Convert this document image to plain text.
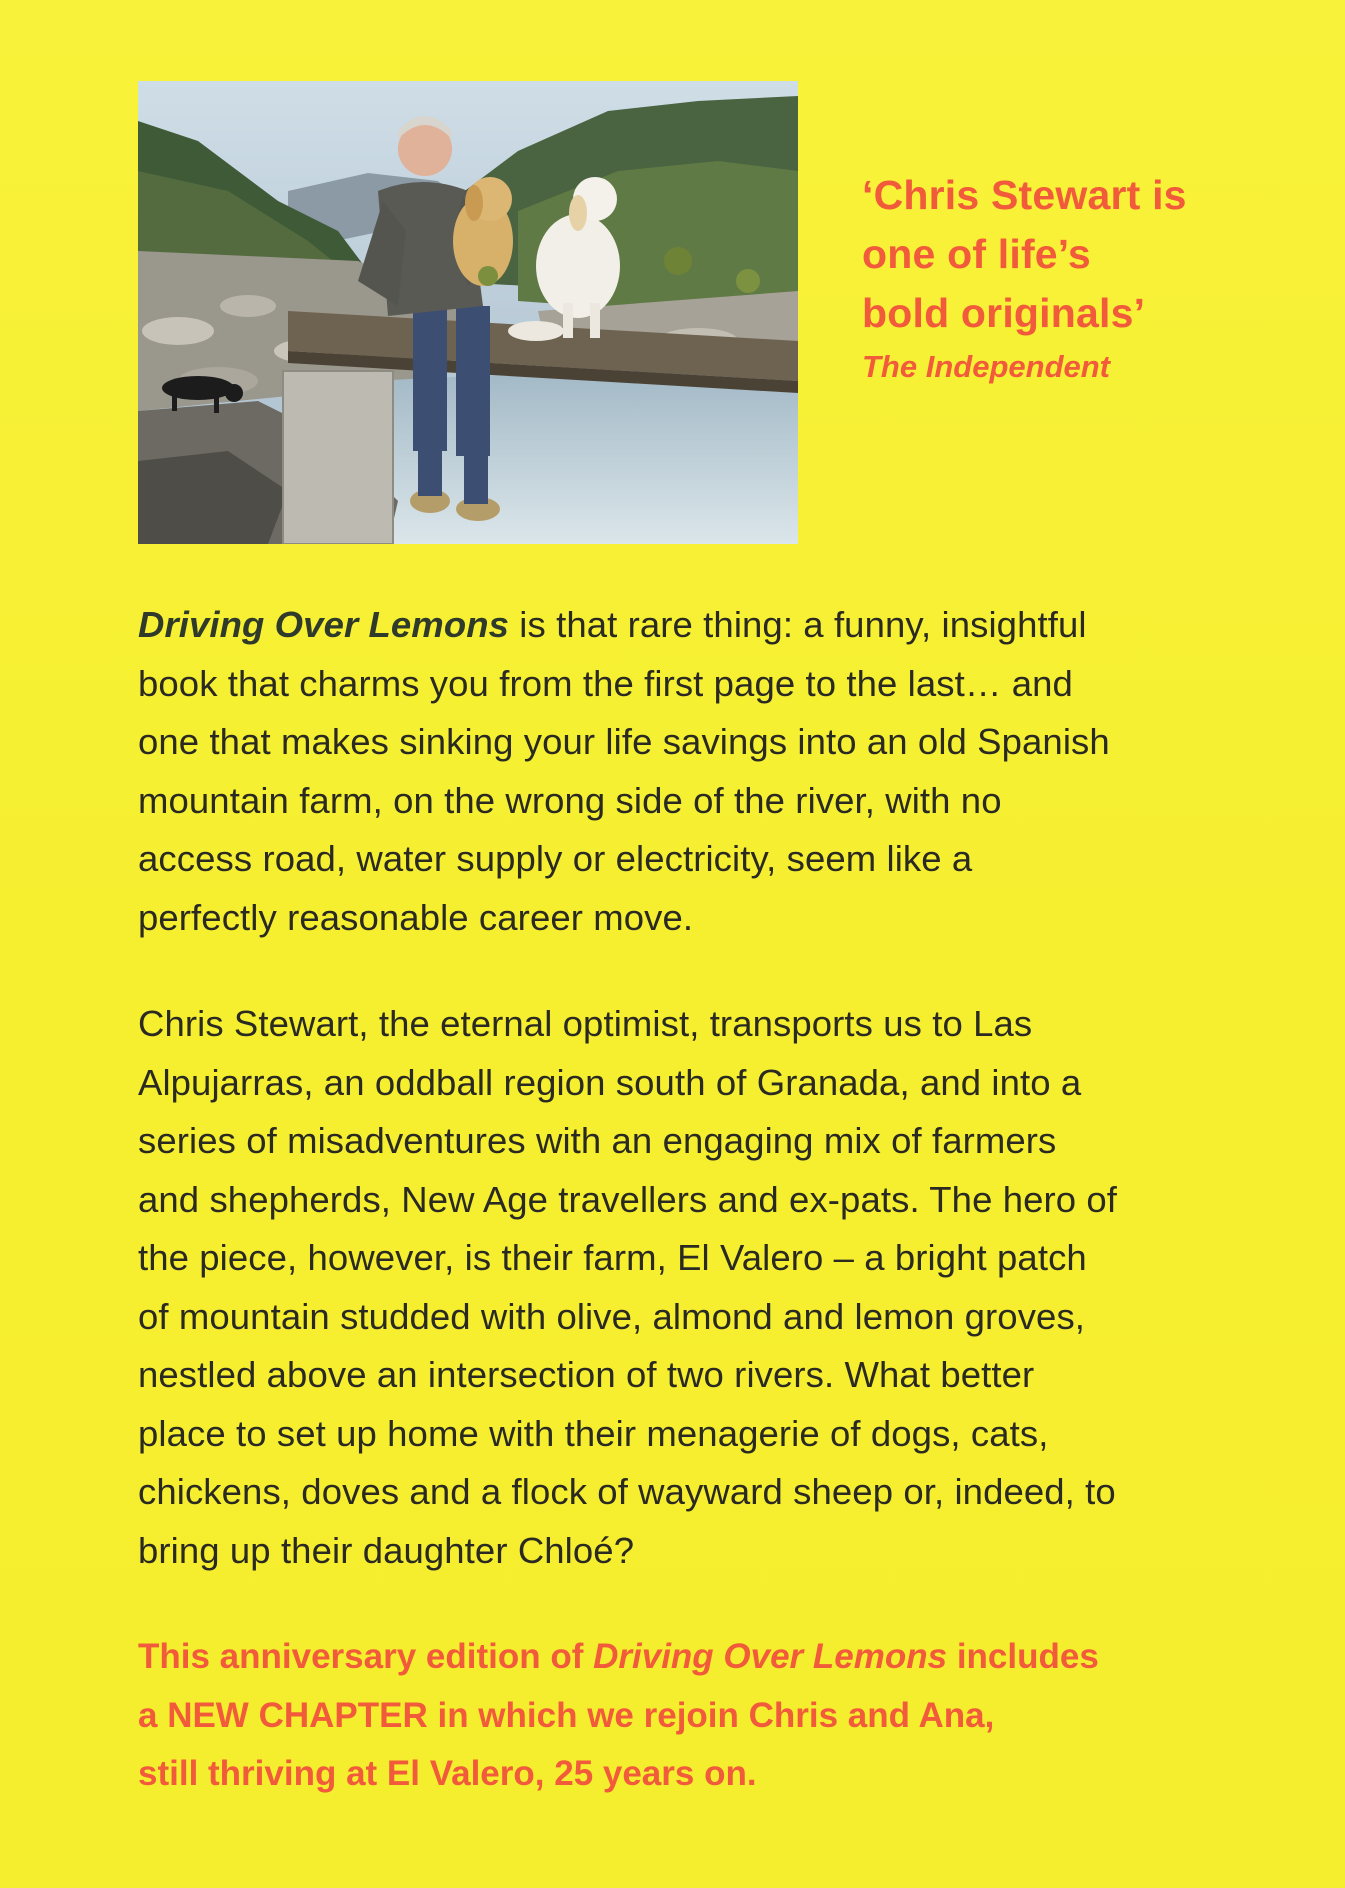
‘Chris Stewart is
one of life’s
bold originals’
The Independent
Driving Over Lemons is that rare thing: a funny, insightful
book that charms you from the first page to the last… and
one that makes sinking your life savings into an old Spanish
mountain farm, on the wrong side of the river, with no
access road, water supply or electricity, seem like a
perfectly reasonable career move.
Chris Stewart, the eternal optimist, transports us to Las
Alpujarras, an oddball region south of Granada, and into a
series of misadventures with an engaging mix of farmers
and shepherds, New Age travellers and ex-pats. The hero of
the piece, however, is their farm, El Valero – a bright patch
of mountain studded with olive, almond and lemon groves,
nestled above an intersection of two rivers. What better
place to set up home with their menagerie of dogs, cats,
chickens, doves and a flock of wayward sheep or, indeed, to
bring up their daughter Chloé?
This anniversary edition of Driving Over Lemons includes
a NEW CHAPTER in which we rejoin Chris and Ana,
still thriving at El Valero, 25 years on.
